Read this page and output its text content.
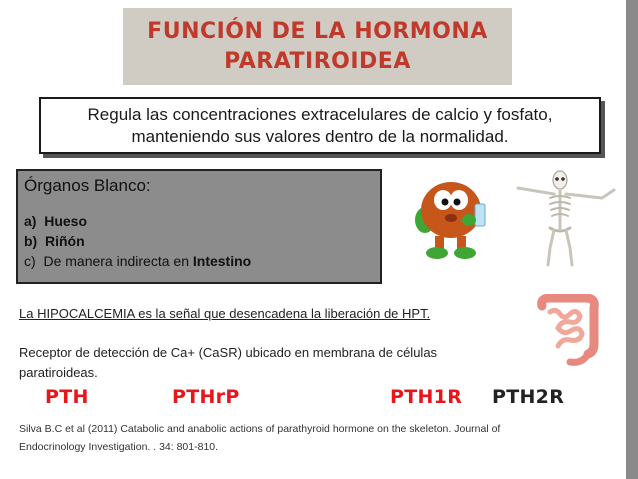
FUNCIÓN DE LA HORMONA
PARATIROIDEA
Regula las concentraciones extracelulares de calcio y fosfato,
manteniendo sus valores dentro de la normalidad.
Órganos Blanco:
a) Hueso
b) Riñón
c) De manera indirecta en Intestino
La HIPOCALCEMIA es la señal que desencadena la liberación de HPT.
Receptor de detección de Ca+ (CaSR) ubicado en membrana de células paratiroideas.
PTH	PTHrP	PTH1R PTH2R
Silva B.C et al (2011) Catabolic and anabolic actions of parathyroid hormone on the skeleton. Journal of
Endocrinology Investigation. . 34: 801-810.
